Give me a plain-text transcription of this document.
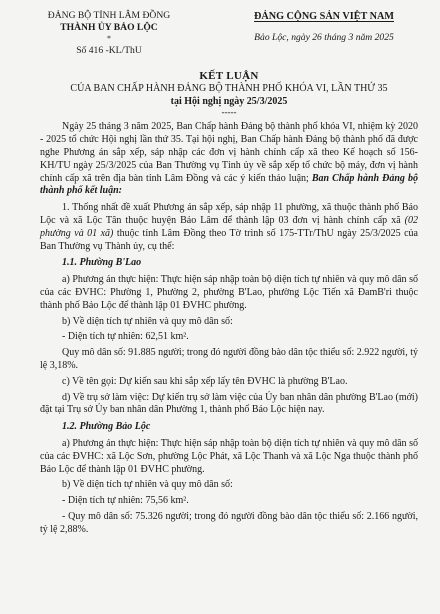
ĐẢNG BỘ TỈNH LÂM ĐỒNG
THÀNH ỦY BẢO LỘC
*
Số 416 -KL/ThU
ĐẢNG CỘNG SẢN VIỆT NAM
Bảo Lộc, ngày 26 tháng 3 năm 2025
KẾT LUẬN
CỦA BAN CHẤP HÀNH ĐẢNG BỘ THÀNH PHỐ KHÓA VI, LẦN THỨ 35
tại Hội nghị ngày 25/3/2025
-----

Ngày 25 tháng 3 năm 2025, Ban Chấp hành Đảng bộ thành phố khóa VI, nhiệm kỳ 2020 - 2025 tổ chức Hội nghị lần thứ 35. Tại hội nghị, Ban Chấp hành Đảng bộ thành phố đã được nghe Phương án sắp xếp, sáp nhập các đơn vị hành chính cấp xã theo Kế hoạch số 156-KH/TU ngày 25/3/2025 của Ban Thường vụ Tỉnh ủy về sắp xếp tổ chức bộ máy, đơn vị hành chính cấp xã trên địa bàn tỉnh Lâm Đồng và các ý kiến thảo luận; Ban Chấp hành Đảng bộ thành phố kết luận:

1. Thống nhất đề xuất Phương án sắp xếp, sáp nhập 11 phường, xã thuộc thành phố Bảo Lộc và xã Lộc Tân thuộc huyện Bảo Lâm để thành lập 03 đơn vị hành chính cấp xã (02 phường và 01 xã) thuộc tỉnh Lâm Đồng theo Tờ trình số 175-TTr/ThU ngày 25/3/2025 của Ban Thường vụ Thành ủy, cụ thể:

1.1. Phường B'Lao

a) Phương án thực hiện: Thực hiện sáp nhập toàn bộ diện tích tự nhiên và quy mô dân số của các ĐVHC: Phường 1, Phường 2, phường B'Lao, phường Lộc Tiến xã ĐamB'ri thuộc thành phố Bảo Lộc để thành lập 01 ĐVHC phường.

b) Về diện tích tự nhiên và quy mô dân số:

- Diện tích tự nhiên: 62,51 km².

Quy mô dân số: 91.885 người; trong đó người đồng bào dân tộc thiểu số: 2.922 người, tỷ lệ 3,18%.

c) Về tên gọi: Dự kiến sau khi sắp xếp lấy tên ĐVHC là phường B'Lao.

d) Về trụ sở làm việc: Dự kiến trụ sở làm việc của Ủy ban nhân dân phường B'Lao (mới) đặt tại Trụ sở Ủy ban nhân dân Phường 1, thành phố Bảo Lộc hiện nay.

1.2. Phường Bảo Lộc

a) Phương án thực hiện: Thực hiện sáp nhập toàn bộ diện tích tự nhiên và quy mô dân số của các ĐVHC: xã Lộc Sơn, phường Lộc Phát, xã Lộc Thanh và xã Lộc Nga thuộc thành phố Bảo Lộc để thành lập 01 ĐVHC phường.

b) Về diện tích tự nhiên và quy mô dân số:

- Diện tích tự nhiên: 75,56 km².

- Quy mô dân số: 75.326 người; trong đó người đồng bào dân tộc thiểu số: 2.166 người, tỷ lệ 2,88%.
